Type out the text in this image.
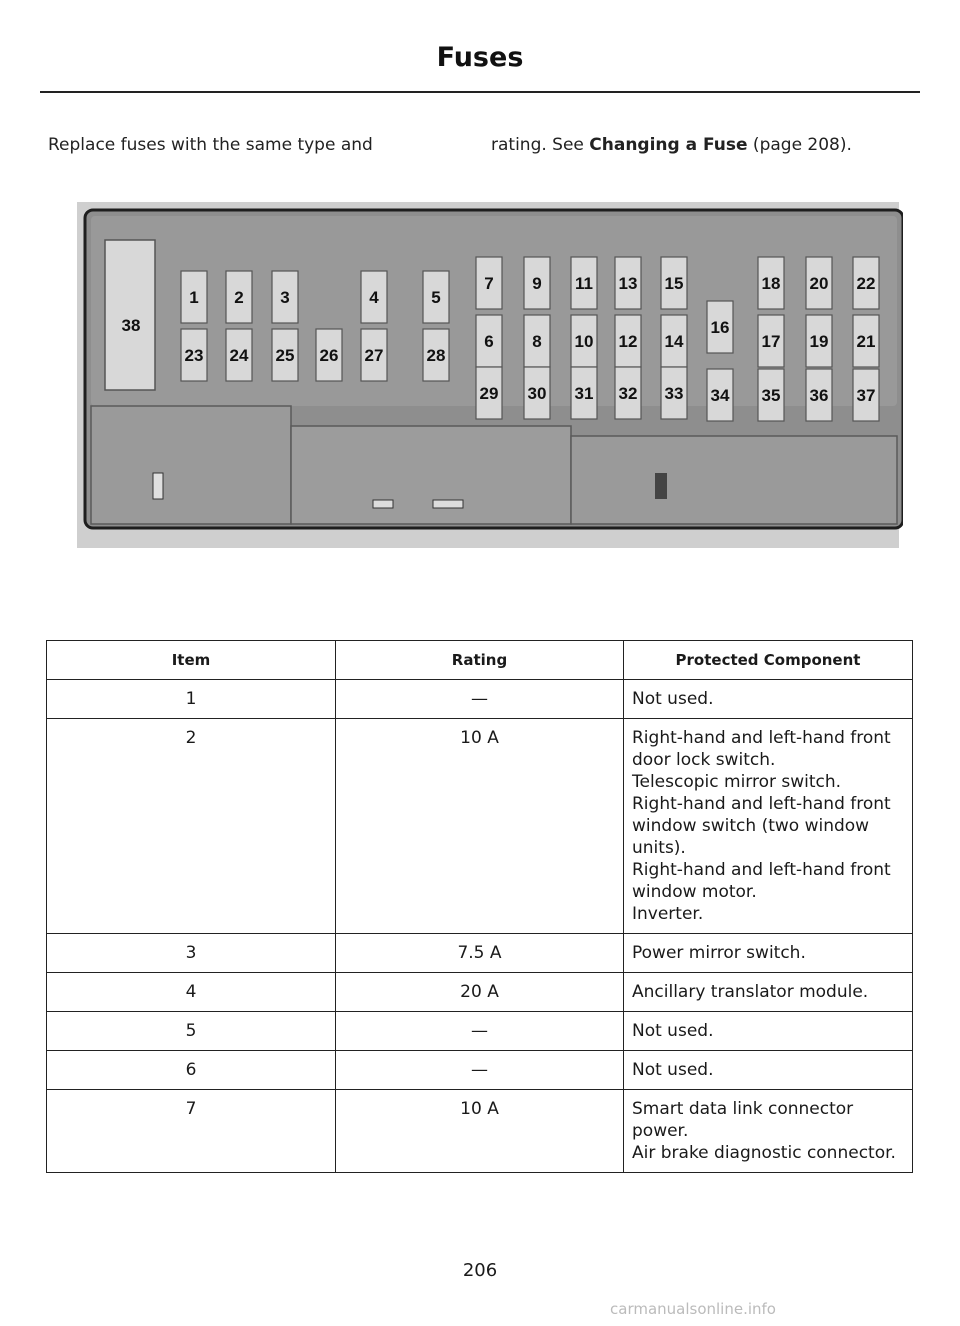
Fuses
Replace fuses with the same type and	rating. See Changing a Fuse (page 208).
1 2 3	4	5
6
7
8
9
10
11
12
13
14
15
16
17
18
19
20
21
22
23 24 25 26 27	28
29 30 31 32 33 34 35 36 37
38
Item	Rating	Protected Component
1	—	Not used.

2	10 A	Right-hand and left-hand front door lock switch.
Telescopic mirror switch.
Right-hand and left-hand front window switch (two window units).
Right-hand and left-hand front window motor.
Inverter.

3	7.5 A	Power mirror switch.

4	20 A	Ancillary translator module.

5	—	Not used.

6	—	Not used.

7	10 A	Smart data link connector power.
Air brake diagnostic connector.
206
carmanualsonline.info
